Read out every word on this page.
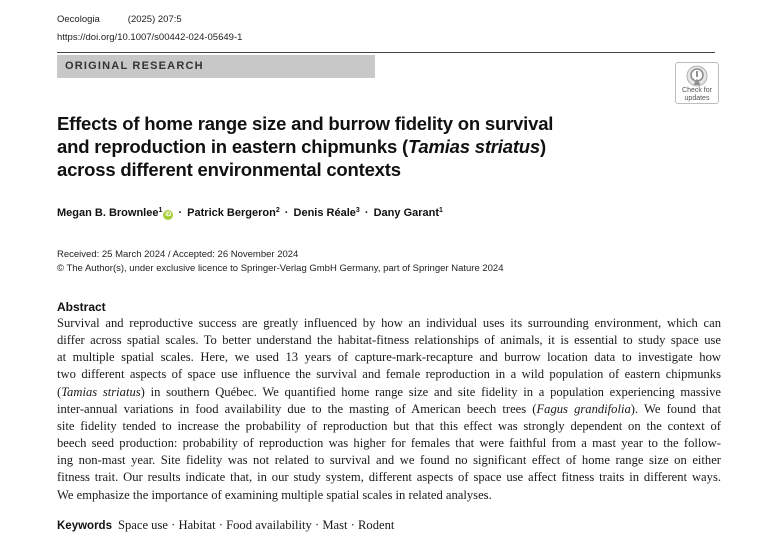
Oecologia	(2025) 207:5
https://doi.org/10.1007/s00442-024-05649-1
ORIGINAL RESEARCH
Check for
updates
Effects of home range size and burrow fidelity on survival
and reproduction in eastern chipmunks (Tamias striatus)
across different environmental contexts
Megan B. Brownlee$^1$iD · Patrick Bergeron$^2$ · Denis Réale$^3$ · Dany Garant$^1$
Received: 25 March 2024 / Accepted: 26 November 2024
© The Author(s), under exclusive licence to Springer-Verlag GmbH Germany, part of Springer Nature 2024
Abstract
Survival and reproductive success are greatly influenced by how an individual uses its surrounding environment, which can
differ across spatial scales. To better understand the habitat-fitness relationships of animals, it is essential to study space use
at multiple spatial scales. Here, we used 13 years of capture-mark-recapture and burrow location data to investigate how
two different aspects of space use influence the survival and female reproduction in a wild population of eastern chipmunks
(Tamias striatus) in southern Québec. We quantified home range size and site fidelity in a population experiencing massive
inter-annual variations in food availability due to the masting of American beech trees (Fagus grandifolia). We found that
site fidelity tended to increase the probability of reproduction but that this effect was strongly dependent on the context of
beech seed production: probability of reproduction was higher for females that were faithful from a mast year to the follow-
ing non-mast year. Site fidelity was not related to survival and we found no significant effect of home range size on either
fitness trait. Our results indicate that, in our study system, different aspects of space use affect fitness traits in different ways.
We emphasize the importance of examining multiple spatial scales in related analyses.
Keywords Space use · Habitat · Food availability · Mast · Rodent
